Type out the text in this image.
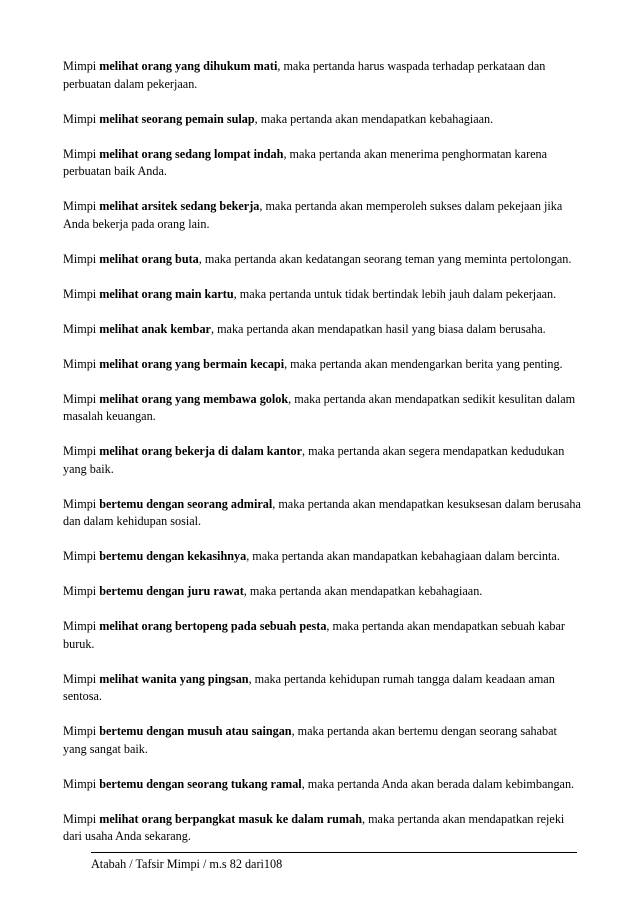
Mimpi melihat orang yang dihukum mati, maka pertanda harus waspada terhadap perkataan dan perbuatan dalam pekerjaan.

Mimpi melihat seorang pemain sulap, maka pertanda akan mendapatkan kebahagiaan.

Mimpi melihat orang sedang lompat indah, maka pertanda akan menerima penghormatan karena perbuatan baik Anda.

Mimpi melihat arsitek sedang bekerja, maka pertanda akan memperoleh sukses dalam pekejaan jika Anda bekerja pada orang lain.

Mimpi melihat orang buta, maka pertanda akan kedatangan seorang teman yang meminta pertolongan.

Mimpi melihat orang main kartu, maka pertanda untuk tidak bertindak lebih jauh dalam pekerjaan.

Mimpi melihat anak kembar, maka pertanda akan mendapatkan hasil yang biasa dalam berusaha.

Mimpi melihat orang yang bermain kecapi, maka pertanda akan mendengarkan berita yang penting.

Mimpi melihat orang yang membawa golok, maka pertanda akan mendapatkan sedikit kesulitan dalam masalah keuangan.

Mimpi melihat orang bekerja di dalam kantor, maka pertanda akan segera mendapatkan kedudukan yang baik.

Mimpi bertemu dengan seorang admiral, maka pertanda akan mendapatkan kesuksesan dalam berusaha dan dalam kehidupan sosial.

Mimpi bertemu dengan kekasihnya, maka pertanda akan mandapatkan kebahagiaan dalam bercinta.

Mimpi bertemu dengan juru rawat, maka pertanda akan mendapatkan kebahagiaan.

Mimpi melihat orang bertopeng pada sebuah pesta, maka pertanda akan mendapatkan sebuah kabar buruk.

Mimpi melihat wanita yang pingsan, maka pertanda kehidupan rumah tangga dalam keadaan aman sentosa.

Mimpi bertemu dengan musuh atau saingan, maka pertanda akan bertemu dengan seorang sahabat yang sangat baik.

Mimpi bertemu dengan seorang tukang ramal, maka pertanda Anda akan berada dalam kebimbangan.

Mimpi melihat orang berpangkat masuk ke dalam rumah, maka pertanda akan mendapatkan rejeki dari usaha Anda sekarang.

Atabah / Tafsir Mimpi / m.s 82 dari108
